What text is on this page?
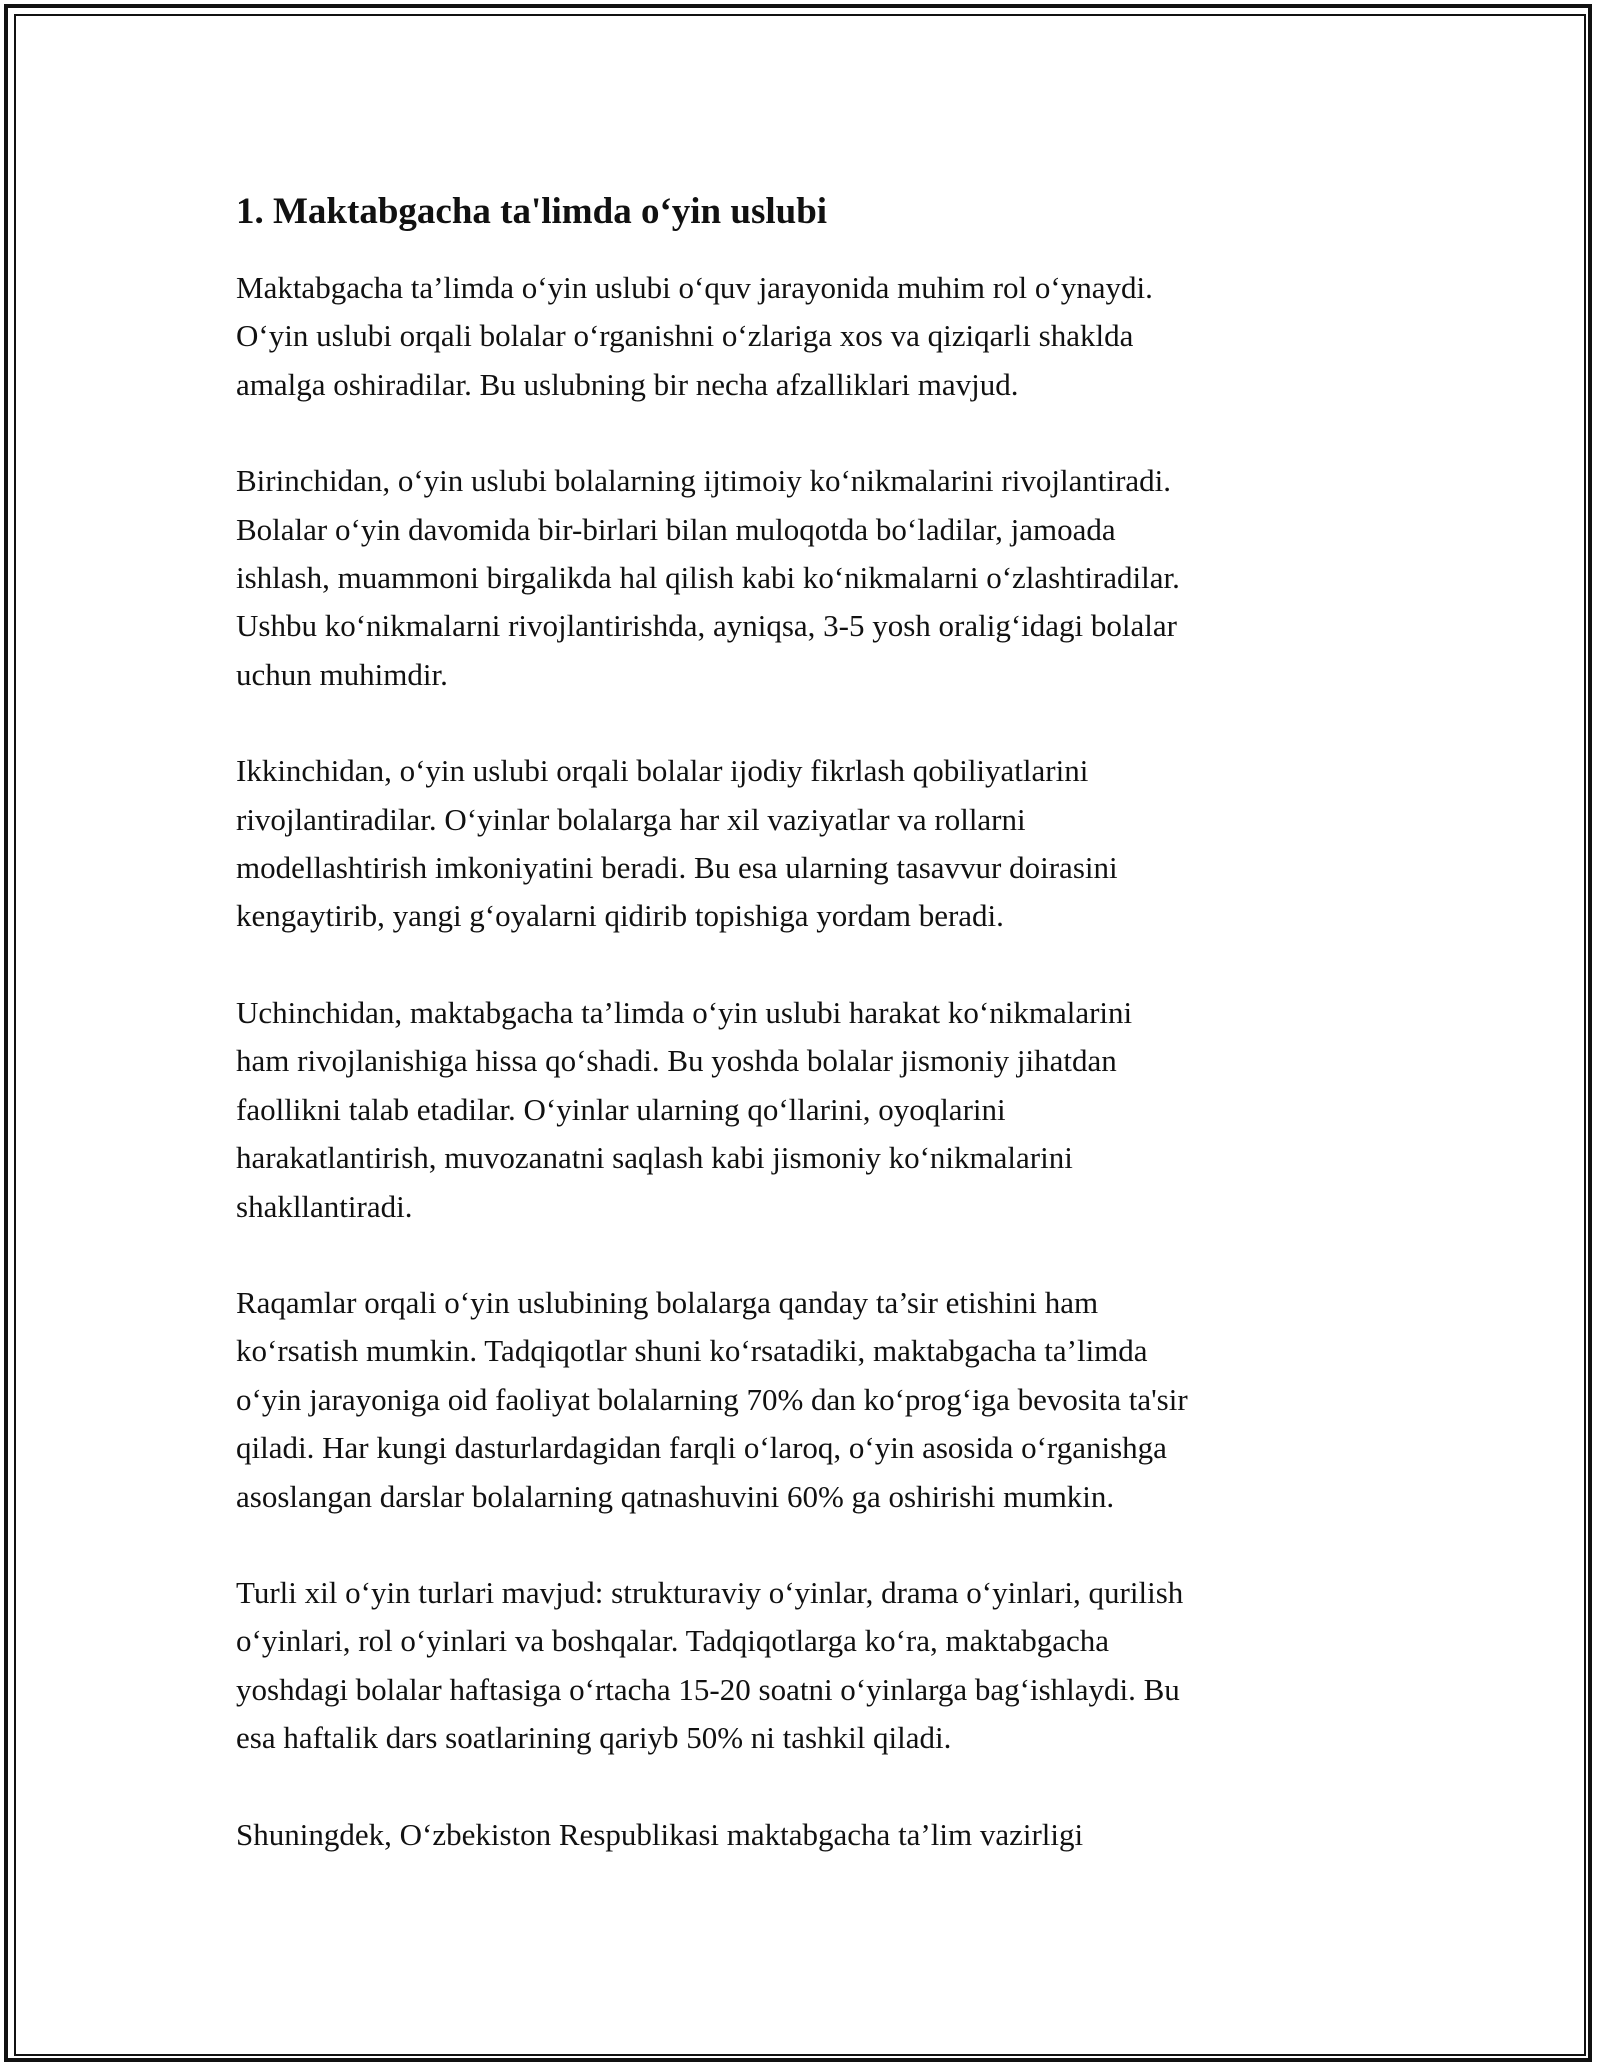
1. Maktabgacha ta'limda o‘yin uslubi

Maktabgacha ta’limda o‘yin uslubi o‘quv jarayonida muhim rol o‘ynaydi.
O‘yin uslubi orqali bolalar o‘rganishni o‘zlariga xos va qiziqarli shaklda
amalga oshiradilar. Bu uslubning bir necha afzalliklari mavjud.

Birinchidan, o‘yin uslubi bolalarning ijtimoiy ko‘nikmalarini rivojlantiradi.
Bolalar o‘yin davomida bir-birlari bilan muloqotda bo‘ladilar, jamoada
ishlash, muammoni birgalikda hal qilish kabi ko‘nikmalarni o‘zlashtiradilar.
Ushbu ko‘nikmalarni rivojlantirishda, ayniqsa, 3-5 yosh oralig‘idagi bolalar
uchun muhimdir.

Ikkinchidan, o‘yin uslubi orqali bolalar ijodiy fikrlash qobiliyatlarini
rivojlantiradilar. O‘yinlar bolalarga har xil vaziyatlar va rollarni
modellashtirish imkoniyatini beradi. Bu esa ularning tasavvur doirasini
kengaytirib, yangi g‘oyalarni qidirib topishiga yordam beradi.

Uchinchidan, maktabgacha ta’limda o‘yin uslubi harakat ko‘nikmalarini
ham rivojlanishiga hissa qo‘shadi. Bu yoshda bolalar jismoniy jihatdan
faollikni talab etadilar. O‘yinlar ularning qo‘llarini, oyoqlarini
harakatlantirish, muvozanatni saqlash kabi jismoniy ko‘nikmalarini
shakllantiradi.

Raqamlar orqali o‘yin uslubining bolalarga qanday ta’sir etishini ham
ko‘rsatish mumkin. Tadqiqotlar shuni ko‘rsatadiki, maktabgacha ta’limda
o‘yin jarayoniga oid faoliyat bolalarning 70% dan ko‘prog‘iga bevosita ta'sir
qiladi. Har kungi dasturlardagidan farqli o‘laroq, o‘yin asosida o‘rganishga
asoslangan darslar bolalarning qatnashuvini 60% ga oshirishi mumkin.

Turli xil o‘yin turlari mavjud: strukturaviy o‘yinlar, drama o‘yinlari, qurilish
o‘yinlari, rol o‘yinlari va boshqalar. Tadqiqotlarga ko‘ra, maktabgacha
yoshdagi bolalar haftasiga o‘rtacha 15-20 soatni o‘yinlarga bag‘ishlaydi. Bu
esa haftalik dars soatlarining qariyb 50% ni tashkil qiladi.

Shuningdek, O‘zbekiston Respublikasi maktabgacha ta’lim vazirligi
